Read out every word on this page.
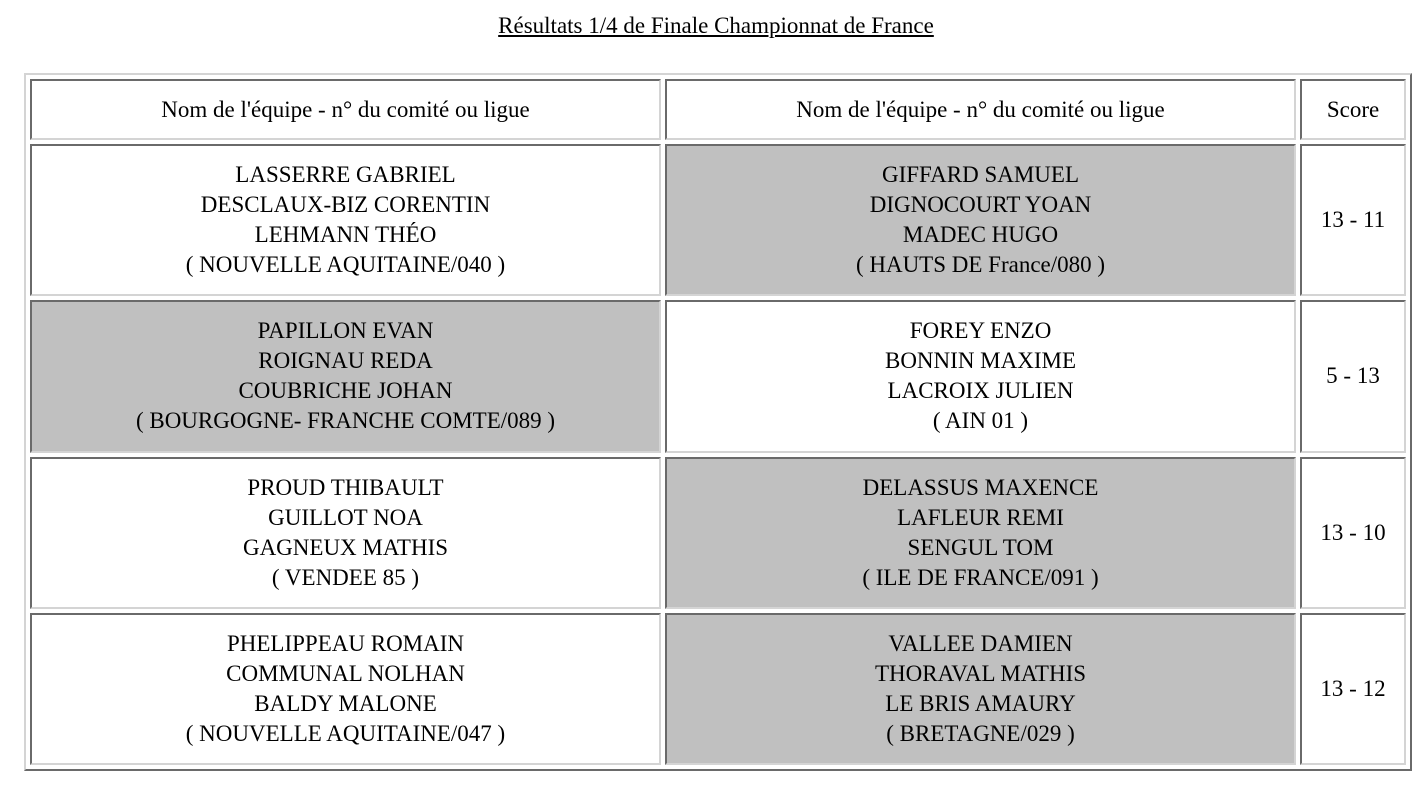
Résultats 1/4 de Finale Championnat de France
Nom de l'équipe - n° du comité ou ligue	Nom de l'équipe - n° du comité ou ligue	Score

LASSERRE GABRIEL
DESCLAUX-BIZ CORENTIN
LEHMANN THÉO
( NOUVELLE AQUITAINE/040 )	GIFFARD SAMUEL
DIGNOCOURT YOAN
MADEC HUGO
( HAUTS DE France/080 )	13 - 11

PAPILLON EVAN
ROIGNAU REDA
COUBRICHE JOHAN
( BOURGOGNE- FRANCHE COMTE/089 )	FOREY ENZO
BONNIN MAXIME
LACROIX JULIEN
( AIN 01 )	5 - 13

PROUD THIBAULT
GUILLOT NOA
GAGNEUX MATHIS
( VENDEE 85 )	DELASSUS MAXENCE
LAFLEUR REMI
SENGUL TOM
( ILE DE FRANCE/091 )	13 - 10

PHELIPPEAU ROMAIN
COMMUNAL NOLHAN
BALDY MALONE
( NOUVELLE AQUITAINE/047 )	VALLEE DAMIEN
THORAVAL MATHIS
LE BRIS AMAURY
( BRETAGNE/029 )	13 - 12
